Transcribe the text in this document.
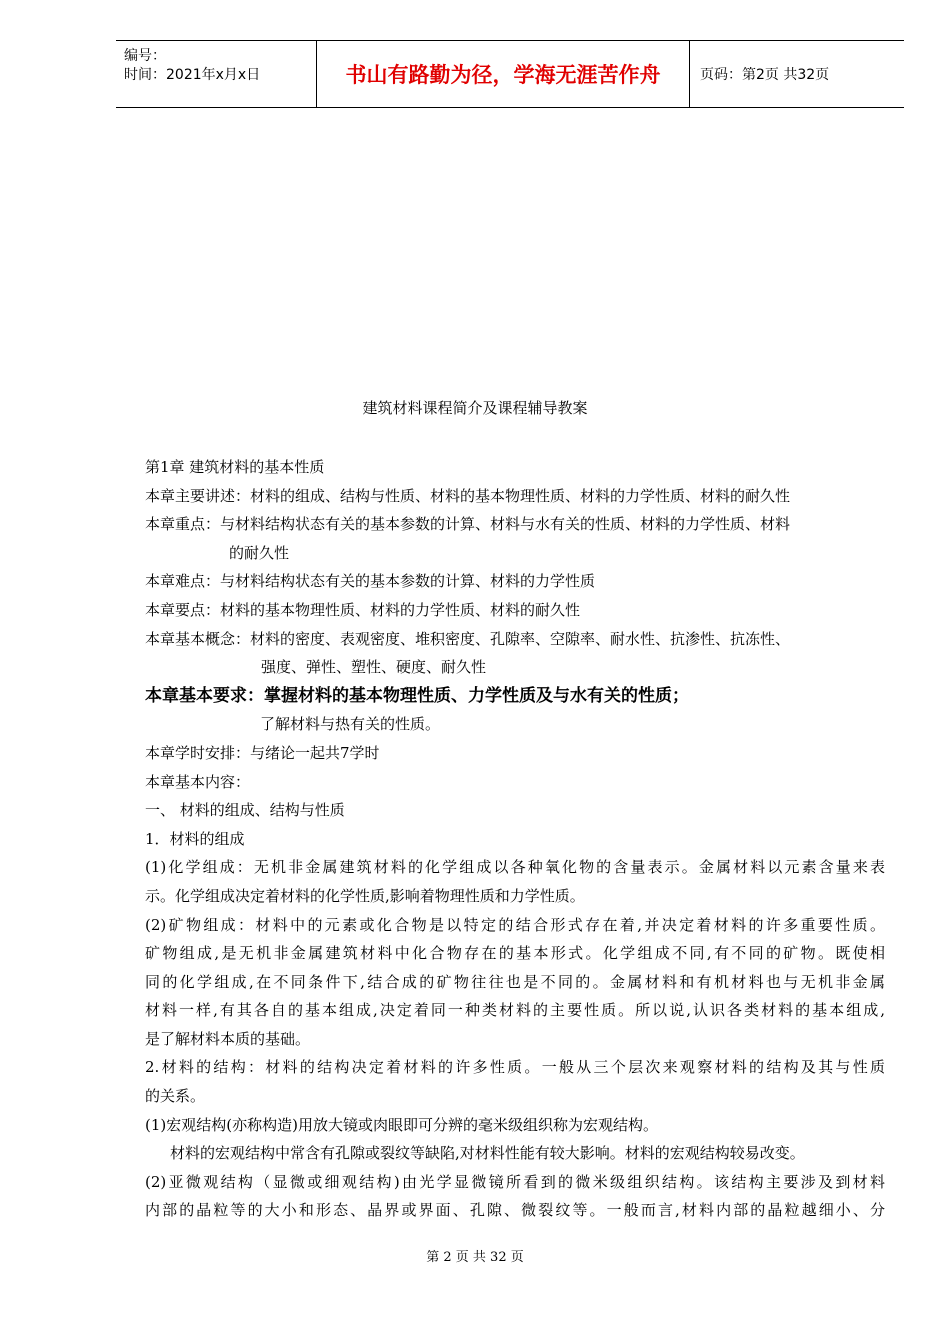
编号：
时间：2021年x月x日	书山有路勤为径，学海无涯苦作舟	页码：第2页 共32页
建筑材料课程简介及课程辅导教案
第1章 建筑材料的基本性质
本章主要讲述：材料的组成、结构与性质、材料的基本物理性质、材料的力学性质、材料的耐久性
本章重点：与材料结构状态有关的基本参数的计算、材料与水有关的性质、材料的力学性质、材料
的耐久性
本章难点：与材料结构状态有关的基本参数的计算、材料的力学性质
本章要点：材料的基本物理性质、材料的力学性质、材料的耐久性
本章基本概念：材料的密度、表观密度、堆积密度、孔隙率、空隙率、耐水性、抗渗性、抗冻性、
强度、弹性、塑性、硬度、耐久性
本章基本要求：掌握材料的基本物理性质、力学性质及与水有关的性质；
了解材料与热有关的性质。
本章学时安排：与绪论一起共7学时
本章基本内容：
一、 材料的组成、结构与性质
1．材料的组成
(1)化学组成：无机非金属建筑材料的化学组成以各种氧化物的含量表示。金属材料以元素含量来表
示。化学组成决定着材料的化学性质,影响着物理性质和力学性质。
(2)矿物组成：材料中的元素或化合物是以特定的结合形式存在着,并决定着材料的许多重要性质。
矿物组成,是无机非金属建筑材料中化合物存在的基本形式。化学组成不同,有不同的矿物。既使相
同的化学组成,在不同条件下,结合成的矿物往往也是不同的。金属材料和有机材料也与无机非金属
材料一样,有其各自的基本组成,决定着同一种类材料的主要性质。所以说,认识各类材料的基本组成,
是了解材料本质的基础。
2.材料的结构：材料的结构决定着材料的许多性质。一般从三个层次来观察材料的结构及其与性质
的关系。
(1)宏观结构(亦称构造)用放大镜或肉眼即可分辨的毫米级组织称为宏观结构。
材料的宏观结构中常含有孔隙或裂纹等缺陷,对材料性能有较大影响。材料的宏观结构较易改变。
(2)亚微观结构（显微或细观结构)由光学显微镜所看到的微米级组织结构。该结构主要涉及到材料
内部的晶粒等的大小和形态、晶界或界面、孔隙、微裂纹等。一般而言,材料内部的晶粒越细小、分
第 2 页 共 32 页
